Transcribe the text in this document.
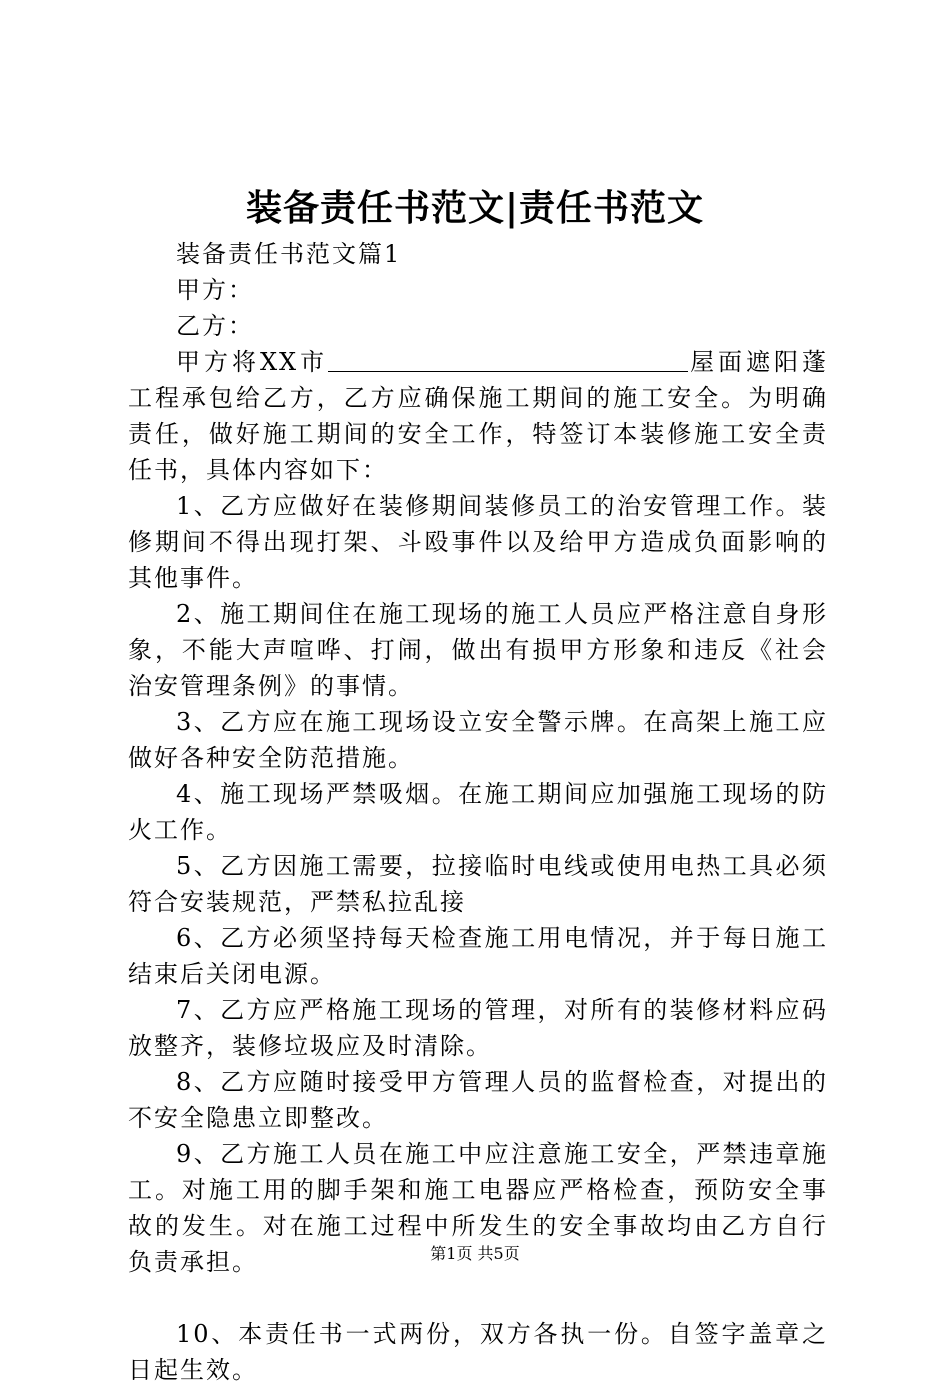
装备责任书范文|责任书范文

装备责任书范文篇1

甲方：

乙方：

甲方将XX市	屋面遮阳蓬工程承包给乙方，乙方应确保施工期间的施工安全。为明确责任，做好施工期间的安全工作，特签订本装修施工安全责任书，具体内容如下：

1、乙方应做好在装修期间装修员工的治安管理工作。装修期间不得出现打架、斗殴事件以及给甲方造成负面影响的其他事件。

2、施工期间住在施工现场的施工人员应严格注意自身形象，不能大声喧哗、打闹，做出有损甲方形象和违反《社会治安管理条例》的事情。

3、乙方应在施工现场设立安全警示牌。在高架上施工应做好各种安全防范措施。

4、施工现场严禁吸烟。在施工期间应加强施工现场的防火工作。

5、乙方因施工需要，拉接临时电线或使用电热工具必须符合安装规范，严禁私拉乱接

6、乙方必须坚持每天检查施工用电情况，并于每日施工结束后关闭电源。

7、乙方应严格施工现场的管理，对所有的装修材料应码放整齐，装修垃圾应及时清除。

8、乙方应随时接受甲方管理人员的监督检查，对提出的不安全隐患立即整改。

9、乙方施工人员在施工中应注意施工安全，严禁违章施工。对施工用的脚手架和施工电器应严格检查，预防安全事故的发生。对在施工过程中所发生的安全事故均由乙方自行负责承担。

10、本责任书一式两份，双方各执一份。自签字盖章之日起生效。

第1页 共5页
